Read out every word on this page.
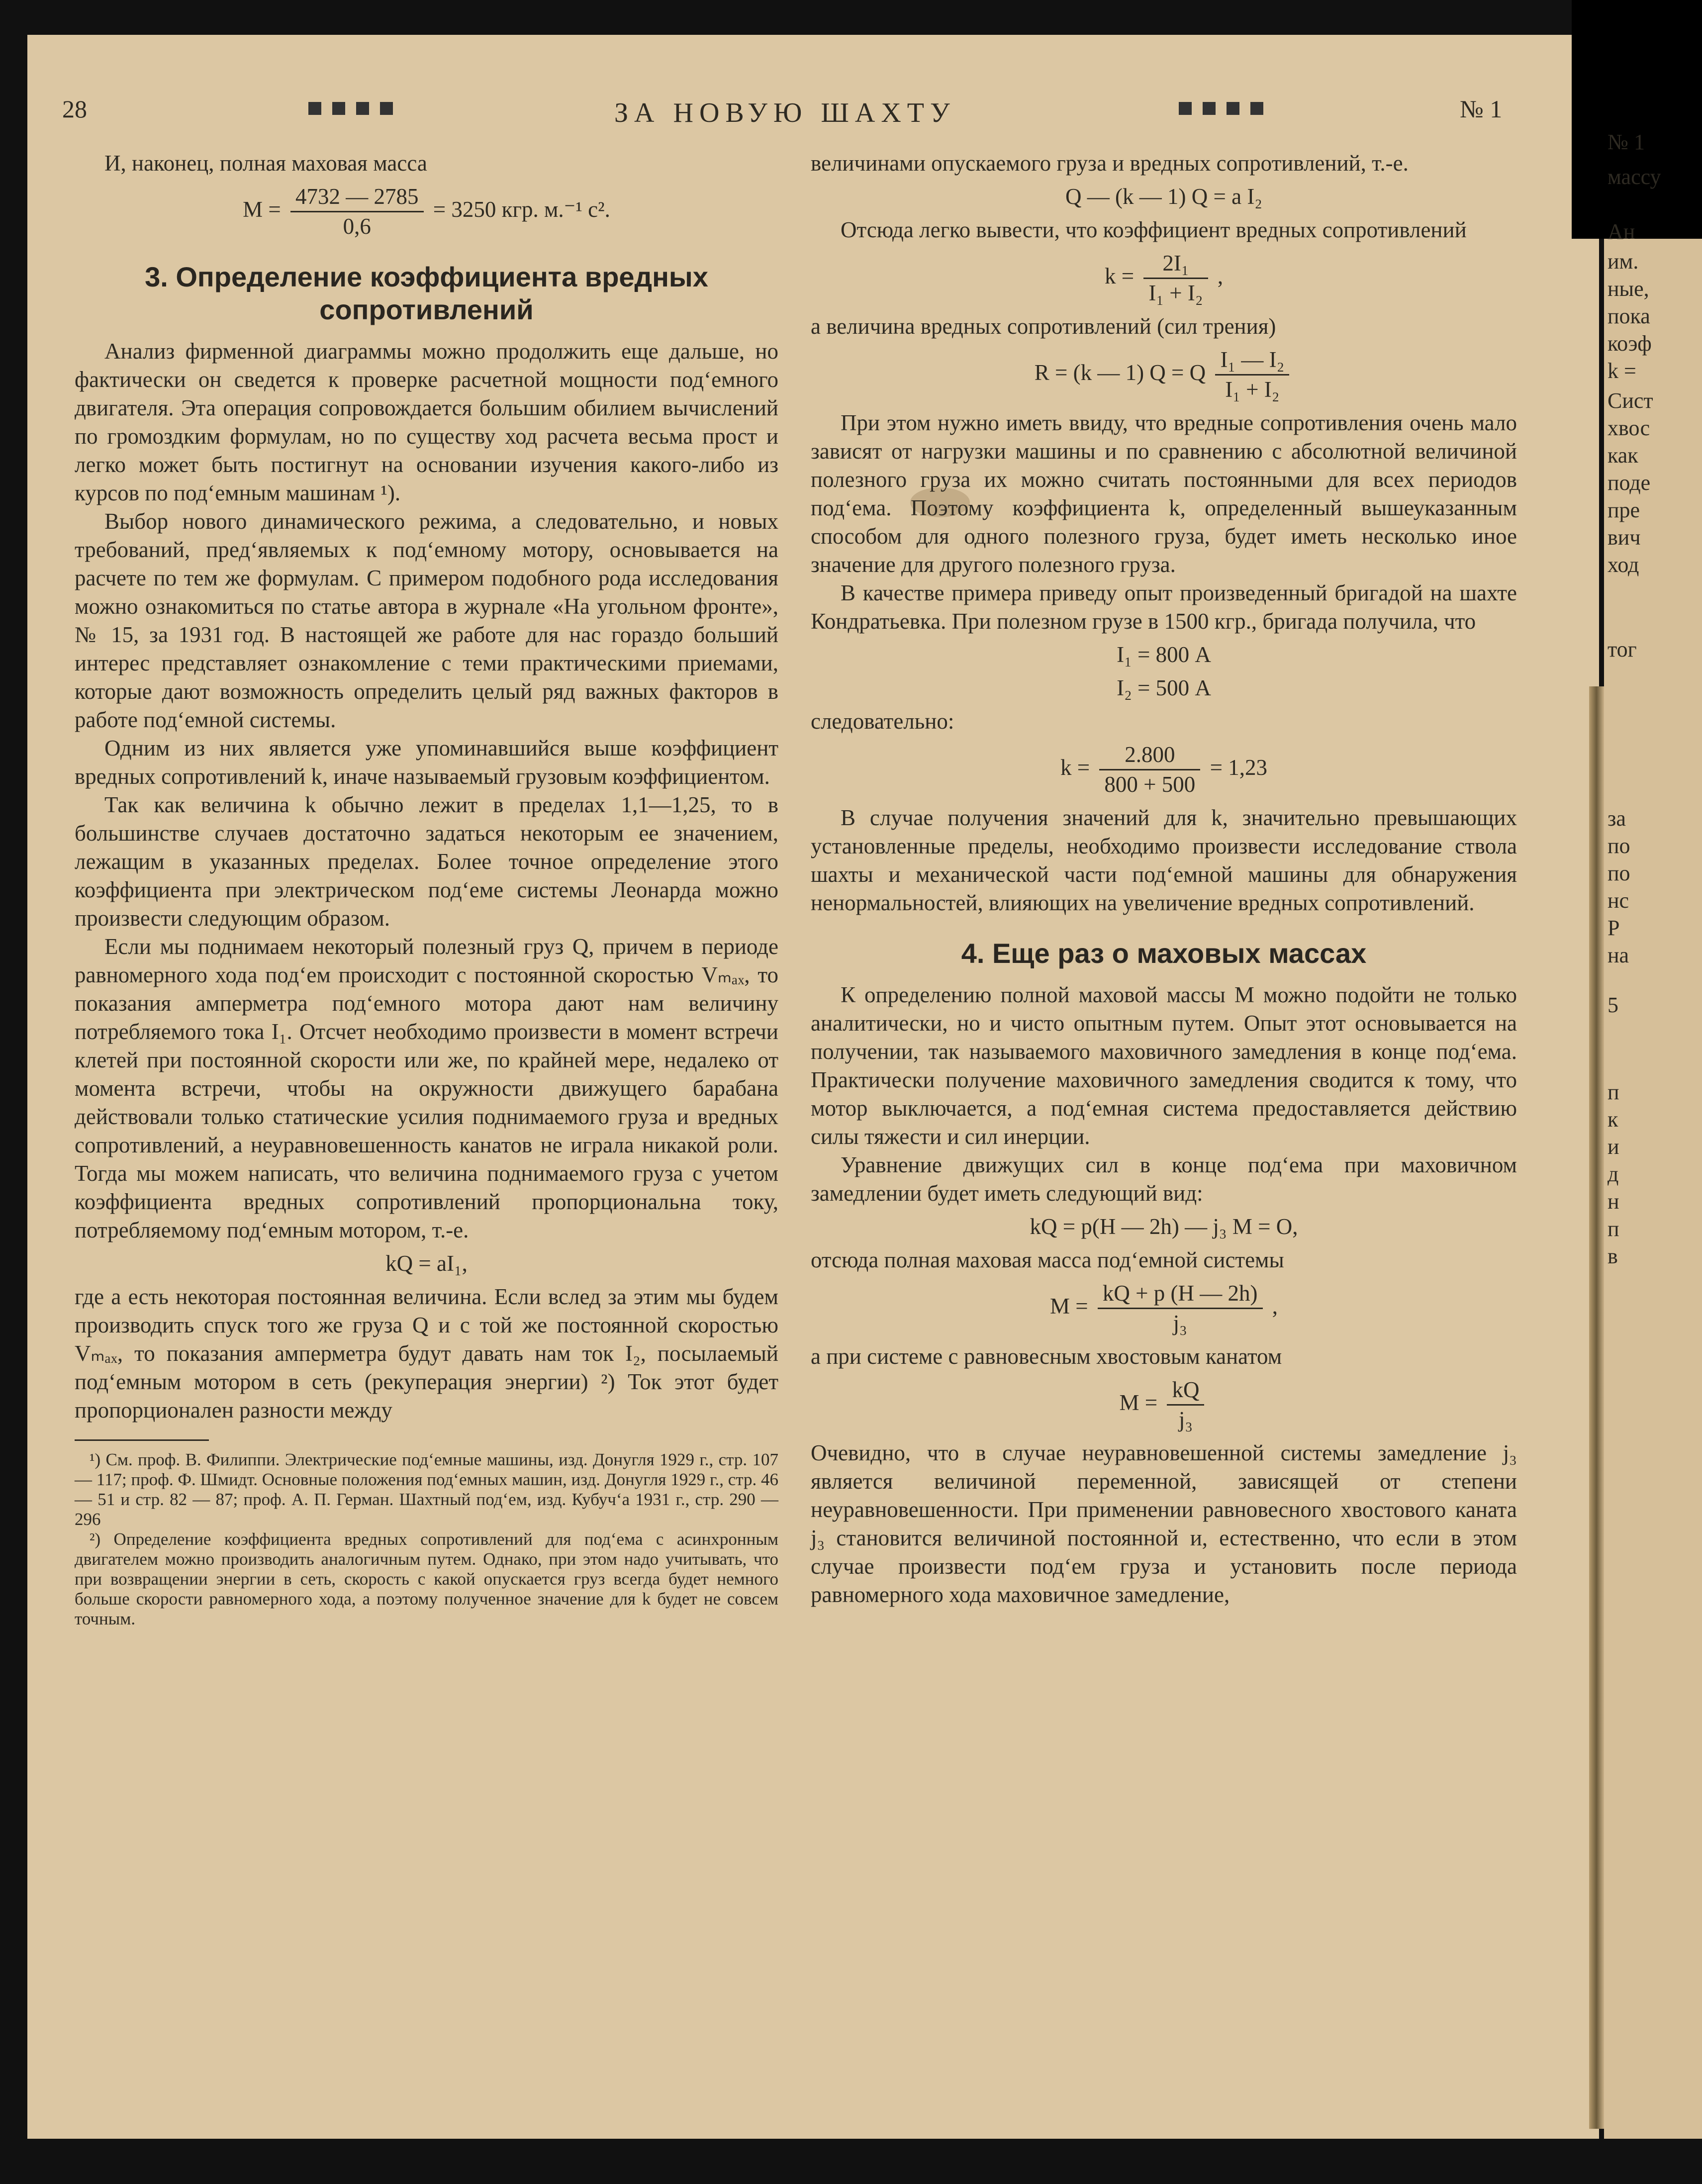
28	ЗА НОВУЮ ШАХТУ	№ 1

И, наконец, полная маховая масса

$M = \frac{4732 — 2785}{0,6} = 3250$ кгр. м.⁻¹ с².
3. Определение коэффициента вредных сопротивлений

Анализ фирменной диаграммы можно продолжить еще дальше, но фактически он сведется к проверке расчетной мощности под‘емного двигателя. Эта операция сопровождается большим обилием вычислений по громоздким формулам, но по существу ход расчета весьма прост и легко может быть постигнут на основании изучения какого-либо из курсов по под‘емным машинам ¹).

Выбор нового динамического режима, а следовательно, и новых требований, пред‘являемых к под‘емному мотору, основывается на расчете по тем же формулам. С примером подобного рода исследования можно ознакомиться по статье автора в журнале «На угольном фронте», № 15, за 1931 год. В настоящей же работе для нас гораздо больший интерес представляет ознакомление с теми практическими приемами, которые дают возможность определить целый ряд важных факторов в работе под‘емной системы.

Одним из них является уже упоминавшийся выше коэффициент вредных сопротивлений k, иначе называемый грузовым коэффициентом.

Так как величина k обычно лежит в пределах 1,1—1,25, то в большинстве случаев достаточно задаться некоторым ее значением, лежащим в указанных пределах. Более точное определение этого коэффициента при электрическом под‘еме системы Леонарда можно произвести следующим образом.

Если мы поднимаем некоторый полезный груз Q, причем в периоде равномерного хода под‘ем происходит с постоянной скоростью Vₘₐₓ, то показания амперметра под‘емного мотора дают нам величину потребляемого тока I₁. Отсчет необходимо произвести в момент встречи клетей при постоянной скорости или же, по крайней мере, недалеко от момента встречи, чтобы на окружности движущего барабана действовали только статические усилия поднимаемого груза и вредных сопротивлений, а неуравновешенность канатов не играла никакой роли. Тогда мы можем написать, что величина поднимаемого груза с учетом коэффициента вредных сопротивлений пропорциональна току, потребляемому под‘емным мотором, т.-е.

kQ = aI₁,

где a есть некоторая постоянная величина. Если вслед за этим мы будем производить спуск того же груза Q и с той же постоянной скоростью Vₘₐₓ, то показания амперметра будут давать нам ток I₂, посылаемый под‘емным мотором в сеть (рекуперация энергии) ²) Ток этот будет пропорционален разности между

¹) См. проф. В. Филиппи. Электрические под‘емные машины, изд. Донугля 1929 г., стр. 107 — 117; проф. Ф. Шмидт. Основные положения под‘емных машин, изд. Донугля 1929 г., стр. 46 — 51 и стр. 82 — 87; проф. А. П. Герман. Шахтный под‘ем, изд. Кубуч‘а 1931 г., стр. 290 — 296

²) Определение коэффициента вредных сопротивлений для под‘ема с асинхронным двигателем можно производить аналогичным путем. Однако, при этом надо учитывать, что при возвращении энергии в сеть, скорость с какой опускается груз всегда будет немного больше скорости равномерного хода, а поэтому полученное значение для k будет не совсем точным.

величинами опускаемого груза и вредных сопротивлений, т.-е.

Q — (k — 1) Q = a I₂

Отсюда легко вывести, что коэффициент вредных сопротивлений

$k = \frac{\text{2I₁}}{\text{I₁ + I₂}}$ ,

а величина вредных сопротивлений (сил трения)

R = (k — 1) Q = Q $\frac{\text{I₁ — I₂}}{\text{I₁ + I₂}}$

При этом нужно иметь ввиду, что вредные сопротивления очень мало зависят от нагрузки машины и по сравнению с абсолютной величиной полезного груза их можно считать постоянными для всех периодов под‘ема. Поэтому коэффициента k, определенный вышеуказанным способом для одного полезного груза, будет иметь несколько иное значение для другого полезного груза.

В качестве примера приведу опыт произведенный бригадой на шахте Кондратьевка. При полезном грузе в 1500 кгр., бригада получила, что

I₁ = 800 А
I₂ = 500 А

следовательно:

$k = \frac{2.800}{800 + 500} = 1,23$

В случае получения значений для k, значительно превышающих установленные пределы, необходимо произвести исследование ствола шахты и механической части под‘емной машины для обнаружения ненормальностей, влияющих на увеличение вредных сопротивлений.

4. Еще раз о маховых массах

К определению полной маховой массы M можно подойти не только аналитически, но и чисто опытным путем. Опыт этот основывается на получении, так называемого маховичного замедления в конце под‘ема. Практически получение маховичного замедления сводится к тому, что мотор выключается, а под‘емная система предоставляется действию силы тяжести и сил инерции.

Уравнение движущих сил в конце под‘ема при маховичном замедлении будет иметь следующий вид:

kQ = p(H — 2h) — j₃ M = O,

отсюда полная маховая масса под‘емной системы

$M = \frac{kQ + p (H — 2h)}{\text{j₃}}$ ,

а при системе с равновесным хвостовым канатом

$M = \frac{kQ}{\text{j₃}}$

Очевидно, что в случае неуравновешенной системы замедление j₃ является величиной переменной, зависящей от степени неуравновешенности. При применении равновесного хвостового каната j₃ становится величиной постоянной и, естественно, что если в этом случае произвести под‘ем груза и установить после периода равномерного хода маховичное замедление,

№ 1
массу
Ан
им.
ные,
пока
коэф
k =
Сист
хвос
как
поде
пре
вич
ход
тог
за
по
по
нс
Р
на
5
п
к
и
д
н
п
в
